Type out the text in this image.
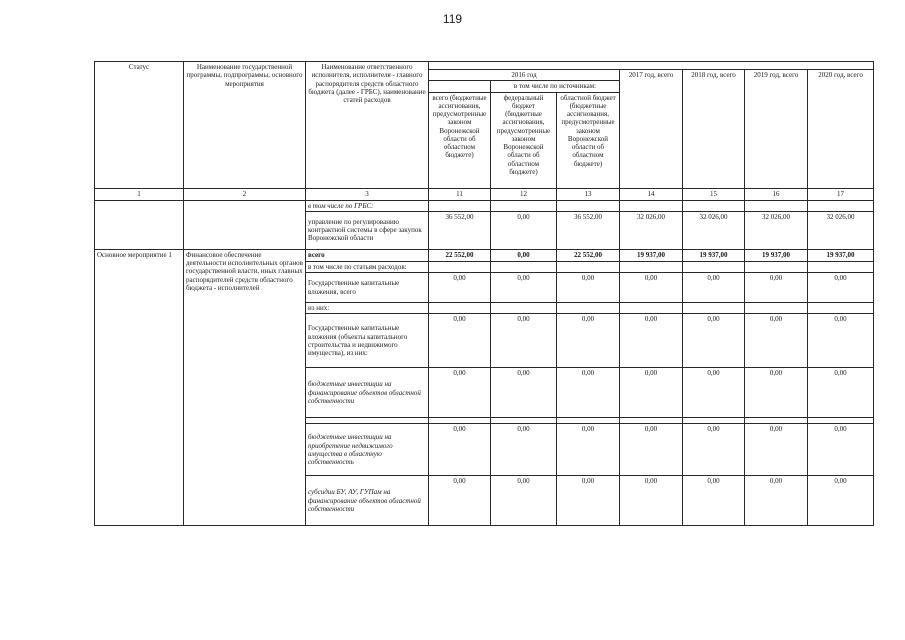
119
Статус	Наименование государственной программы, подпрограммы, основного мероприятия	Наименование ответственного исполнителя, исполнителя - главного распорядителя средств областного бюджета (далее - ГРБС), наименование статей расходов							
			2016 год			2017 год, всего	2018 год, всего	2019 год, всего	2020 год, всего
				в том числе по источникам:					
			всего (бюджетные ассигнования, предусмотренные законом Воронежской области об областном бюджете)	федеральный бюджет (бюджетные ассигнования, предусмотренные законом Воронежской области об областном бюджете)	областной бюджет (бюджетные ассигнования, предусмотренные законом Воронежской области об областном бюджете)				
1	2	3	11	12	13	14	15	16	17
		в том числе по ГРБС:							
		управление по регулированию контрактной системы в сфере закупок Воронежской области	36 552,00	0,00	36 552,00	32 026,00	32 026,00	32 026,00	32 026,00
Основное мероприятие 1	Финансовое обеспечение деятельности исполнительных органов государственной власти, иных главных распорядителей средств областного бюджета - исполнителей	всего	22 552,00	0,00	22 552,00	19 937,00	19 937,00	19 937,00	19 937,00
		в том числе по статьям расходов:							
		Государственные капитальные вложения, всего	0,00	0,00	0,00	0,00	0,00	0,00	0,00
		из них:							
		Государственные капитальные вложения (объекты капитального строительства и недвижимого имущества), из них:	0,00	0,00	0,00	0,00	0,00	0,00	0,00
		бюджетные инвестиции на финансирование объектов областной собственности	0,00	0,00	0,00	0,00	0,00	0,00	0,00

		бюджетные инвестиции на приобретение недвижимого имущества в областную собственность	0,00	0,00	0,00	0,00	0,00	0,00	0,00
		субсидии БУ, АУ, ГУПам на финансирование объектов областной собственности	0,00	0,00	0,00	0,00	0,00	0,00	0,00
